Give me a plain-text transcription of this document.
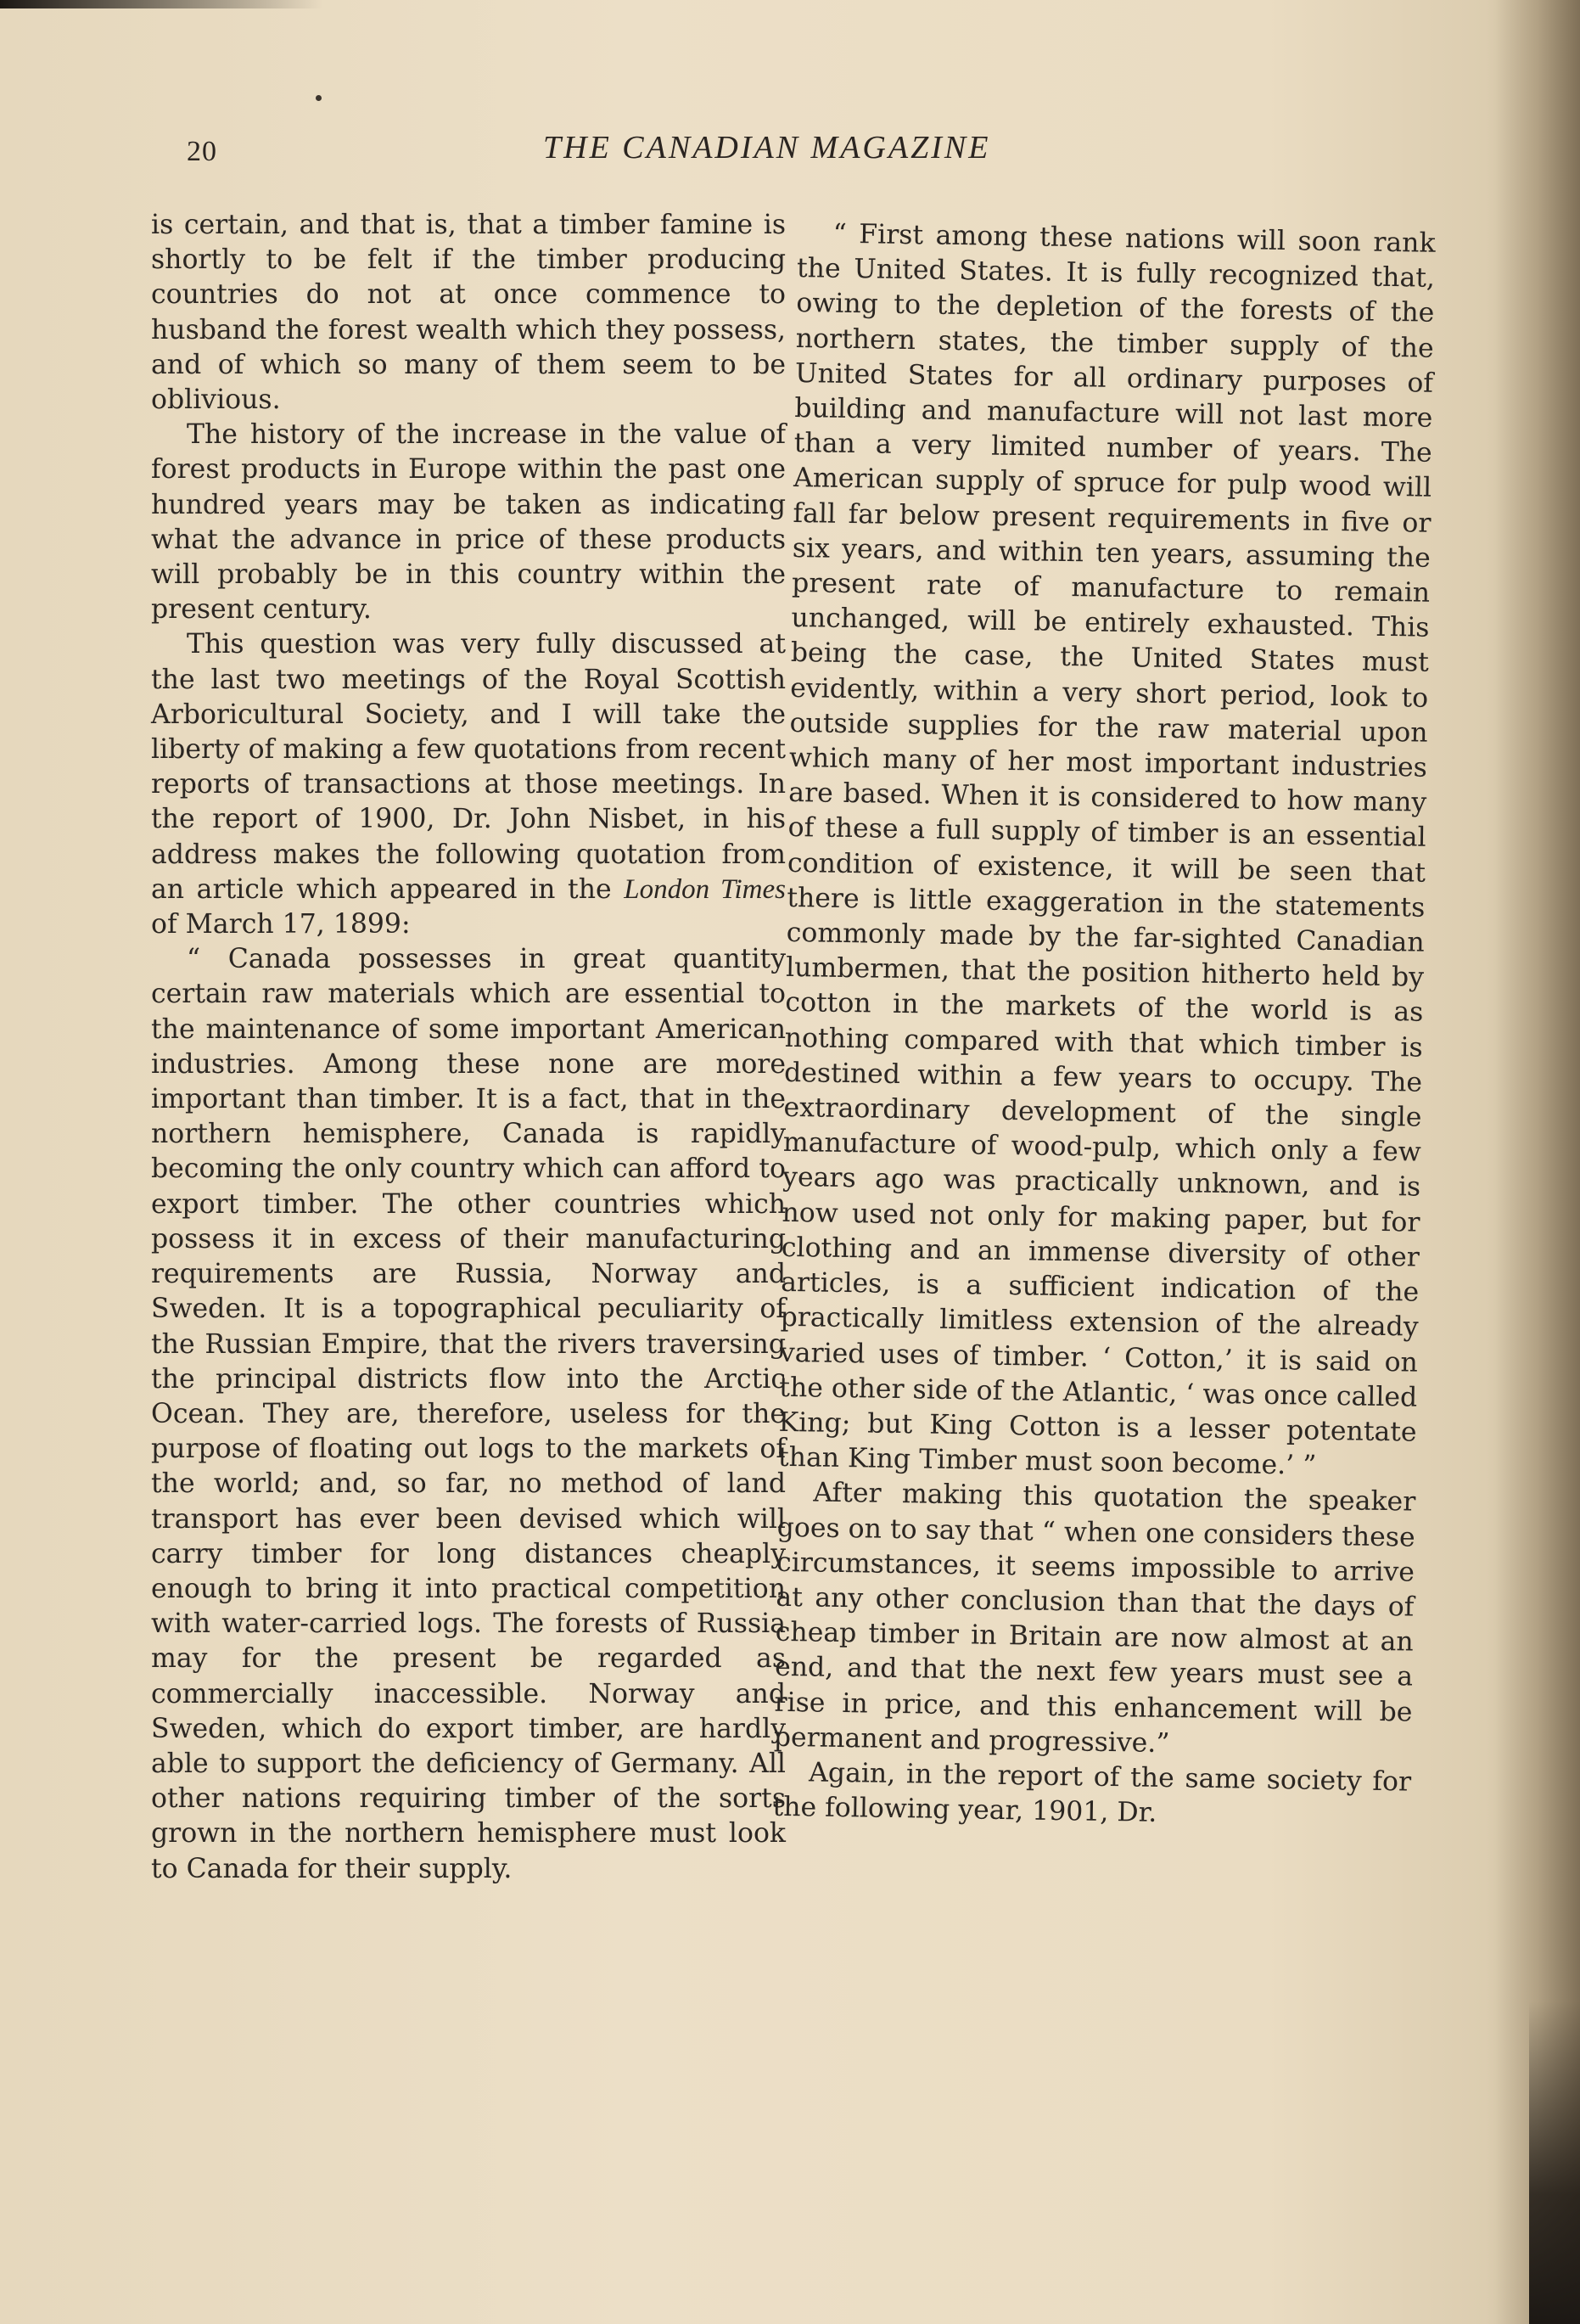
20	THE CANADIAN MAGAZINE

is certain, and that is, that a timber famine is shortly to be felt if the timber producing countries do not at once commence to husband the forest wealth which they possess, and of which so many of them seem to be oblivious.

The history of the increase in the value of forest products in Europe within the past one hundred years may be taken as indicating what the advance in price of these products will probably be in this country within the present century.

This question was very fully discussed at the last two meetings of the Royal Scottish Arboricultural Society, and I will take the liberty of making a few quotations from recent reports of transactions at those meetings. In the report of 1900, Dr. John Nisbet, in his address makes the following quotation from an article which appeared in the London Times of March 17, 1899:

“ Canada possesses in great quantity certain raw materials which are essential to the maintenance of some important American industries. Among these none are more important than timber. It is a fact, that in the northern hemisphere, Canada is rapidly becoming the only country which can afford to export timber. The other countries which possess it in excess of their manufacturing requirements are Russia, Norway and Sweden. It is a topographical peculiarity of the Russian Empire, that the rivers traversing the principal districts flow into the Arctic Ocean. They are, therefore, useless for the purpose of floating out logs to the markets of the world; and, so far, no method of land transport has ever been devised which will carry timber for long distances cheaply enough to bring it into practical competition with water-carried logs. The forests of Russia may for the present be regarded as commercially inaccessible. Norway and Sweden, which do export timber, are hardly able to support the deficiency of Germany. All other nations requiring timber of the sorts grown in the northern hemisphere must look to Canada for their supply.

“ First among these nations will soon rank the United States. It is fully recognized that, owing to the depletion of the forests of the northern states, the timber supply of the United States for all ordinary purposes of building and manufacture will not last more than a very limited number of years. The American supply of spruce for pulp wood will fall far below present requirements in five or six years, and within ten years, assuming the present rate of manufacture to remain unchanged, will be entirely exhausted. This being the case, the United States must evidently, within a very short period, look to outside supplies for the raw material upon which many of her most important industries are based. When it is considered to how many of these a full supply of timber is an essential condition of existence, it will be seen that there is little exaggeration in the statements commonly made by the far-sighted Canadian lumbermen, that the position hitherto held by cotton in the markets of the world is as nothing compared with that which timber is destined within a few years to occupy. The extraordinary development of the single manufacture of wood-pulp, which only a few years ago was practically unknown, and is now used not only for making paper, but for clothing and an immense diversity of other articles, is a sufficient indication of the practically limitless extension of the already varied uses of timber. ‘ Cotton,’ it is said on the other side of the Atlantic, ‘ was once called King; but King Cotton is a lesser potentate than King Timber must soon become.’ ”

After making this quotation the speaker goes on to say that “ when one considers these circumstances, it seems impossible to arrive at any other conclusion than that the days of cheap timber in Britain are now almost at an end, and that the next few years must see a rise in price, and this enhancement will be permanent and progressive.”

Again, in the report of the same society for the following year, 1901, Dr.
